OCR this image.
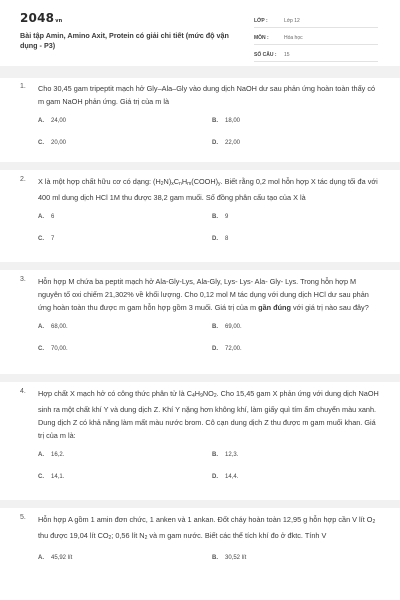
2048vn
Bài tập Amin, Amino Axit, Protein có giải chi tiết (mức độ vận dụng - P3)
LỚP :	Lớp 12
MÔN :	Hóa học
SỐ CÂU :	15
1.	Cho 30,45 gam tripeptit mạch hở Gly–Ala–Gly vào dung dịch NaOH dư sau phản ứng hoàn toàn thấy có m gam NaOH phản ứng. Giá trị của m là
A.	24,00	B.	18,00
C.	20,00	D.	22,00
2.	X là một hợp chất hữu cơ có dạng: $(H_2N)_xC_nH_m(COOH)_y$. Biết rằng 0,2 mol hỗn hợp X tác dụng tối đa với 400 ml dung dịch HCl 1M thu được 38,2 gam muối. Số đồng phân cấu tạo của X là
A.	6	B.	9
C.	7	D.	8
3.	Hỗn hợp M chứa ba peptit mạch hở Ala-Gly-Lys, Ala-Gly, Lys- Lys- Ala- Gly- Lys. Trong hỗn hợp M nguyên tố oxi chiếm 21,302% về khối lượng. Cho 0,12 mol M tác dụng với dung dịch HCl dư sau phản ứng hoàn toàn thu được m gam hỗn hợp gồm 3 muối. Giá trị của m gần đúng với giá trị nào sau đây?
A.	68,00.	B.	69,00.
C.	70,00.	D.	72,00.
4.	Hợp chất X mạch hở có công thức phân tử là $C_4H_9NO_2$. Cho 15,45 gam X phản ứng với dung dịch NaOH sinh ra một chất khí Y và dung dịch Z. Khí Y nặng hơn không khí, làm giấy quì tím ẩm chuyển màu xanh. Dung dịch Z có khả năng làm mất màu nước brom. Cô cạn dung dịch Z thu được m gam muối khan. Giá trị của m là:
A.	16,2.	B.	12,3.
C.	14,1.	D.	14,4.
5.	Hỗn hợp A gồm 1 amin đơn chức, 1 anken và 1 ankan. Đốt cháy hoàn toàn 12,95 g hỗn hợp cần V lít $O_2$ thu được 19,04 lít $CO_2$; 0,56 lít $N_2$ và m gam nước. Biết các thể tích khí đo ở đktc. Tính V
A.	45,92 lít	B.	30,52 lít
